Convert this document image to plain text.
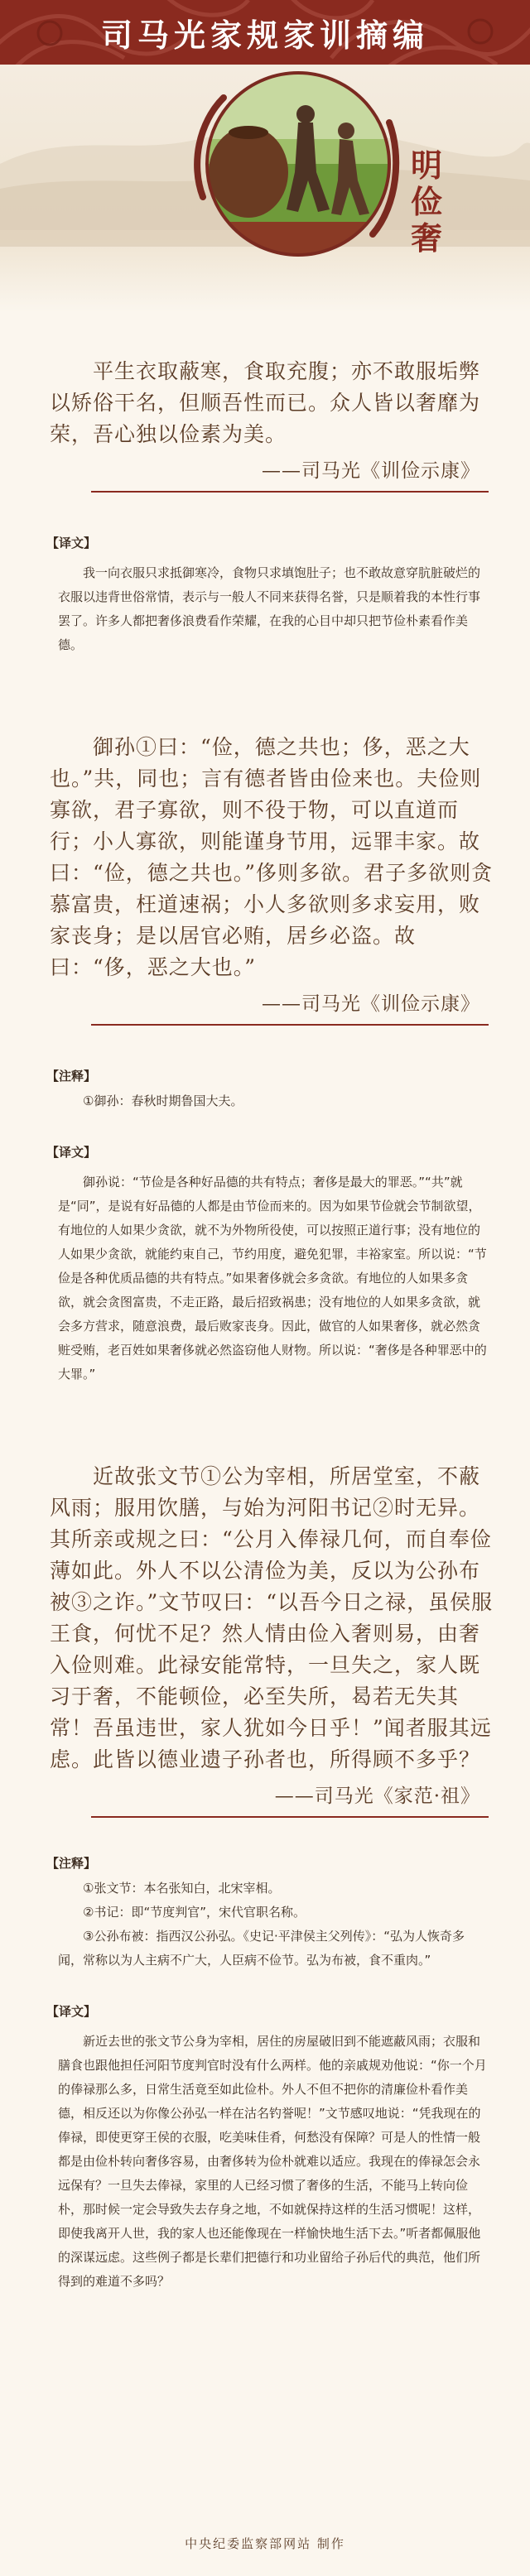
司马光家规家训摘编
明
俭
奢

平生衣取蔽寒，食取充腹；亦不敢服垢弊以矫俗干名，但顺吾性而已。众人皆以奢靡为荣，吾心独以俭素为美。

——司马光《训俭示康》
【译文】

我一向衣服只求抵御寒冷，食物只求填饱肚子；也不敢故意穿肮脏破烂的衣服以违背世俗常情，表示与一般人不同来获得名誉，只是顺着我的本性行事罢了。许多人都把奢侈浪费看作荣耀，在我的心目中却只把节俭朴素看作美德。

御孙①曰：“俭，德之共也；侈，恶之大也。”共，同也；言有德者皆由俭来也。夫俭则寡欲，君子寡欲，则不役于物，可以直道而行；小人寡欲，则能谨身节用，远罪丰家。故曰：“俭，德之共也。”侈则多欲。君子多欲则贪慕富贵，枉道速祸；小人多欲则多求妄用，败家丧身；是以居官必贿，居乡必盗。故曰：“侈，恶之大也。”

——司马光《训俭示康》
【注释】

①御孙：春秋时期鲁国大夫。

【译文】

御孙说：“节俭是各种好品德的共有特点；奢侈是最大的罪恶。”“共”就是“同”，是说有好品德的人都是由节俭而来的。因为如果节俭就会节制欲望，有地位的人如果少贪欲，就不为外物所役使，可以按照正道行事；没有地位的人如果少贪欲，就能约束自己，节约用度，避免犯罪，丰裕家室。所以说：“节俭是各种优质品德的共有特点。”如果奢侈就会多贪欲。有地位的人如果多贪欲，就会贪图富贵，不走正路，最后招致祸患；没有地位的人如果多贪欲，就会多方营求，随意浪费，最后败家丧身。因此，做官的人如果奢侈，就必然贪赃受贿，老百姓如果奢侈就必然盗窃他人财物。所以说：“奢侈是各种罪恶中的大罪。”

近故张文节①公为宰相，所居堂室，不蔽风雨；服用饮膳，与始为河阳书记②时无异。其所亲或规之曰：“公月入俸禄几何，而自奉俭薄如此。外人不以公清俭为美，反以为公孙布被③之诈。”文节叹曰：“以吾今日之禄，虽侯服王食，何忧不足？然人情由俭入奢则易，由奢入俭则难。此禄安能常特，一旦失之，家人既习于奢，不能顿俭，必至失所，曷若无失其常！吾虽违世，家人犹如今日乎！”闻者服其远虑。此皆以德业遗子孙者也，所得顾不多乎？

——司马光《家范·祖》
【注释】

①张文节：本名张知白，北宋宰相。

②书记：即“节度判官”，宋代官职名称。

③公孙布被：指西汉公孙弘。《史记·平津侯主父列传》：“弘为人恢奇多闻，常称以为人主病不广大，人臣病不俭节。弘为布被，食不重肉。”

【译文】

新近去世的张文节公身为宰相，居住的房屋破旧到不能遮蔽风雨；衣服和膳食也跟他担任河阳节度判官时没有什么两样。他的亲戚规劝他说：“你一个月的俸禄那么多，日常生活竟至如此俭朴。外人不但不把你的清廉俭朴看作美德，相反还以为你像公孙弘一样在沽名钓誉呢！”文节感叹地说：“凭我现在的俸禄，即使更穿王侯的衣服，吃美味佳肴，何愁没有保障？可是人的性情一般都是由俭朴转向奢侈容易，由奢侈转为俭朴就难以适应。我现在的俸禄怎会永远保有？一旦失去俸禄，家里的人已经习惯了奢侈的生活，不能马上转向俭朴，那时候一定会导致失去存身之地，不如就保持这样的生活习惯呢！这样，即使我离开人世，我的家人也还能像现在一样愉快地生活下去。”听者都佩服他的深谋远虑。这些例子都是长辈们把德行和功业留给子孙后代的典范，他们所得到的难道不多吗？

中央纪委监察部网站 制作
